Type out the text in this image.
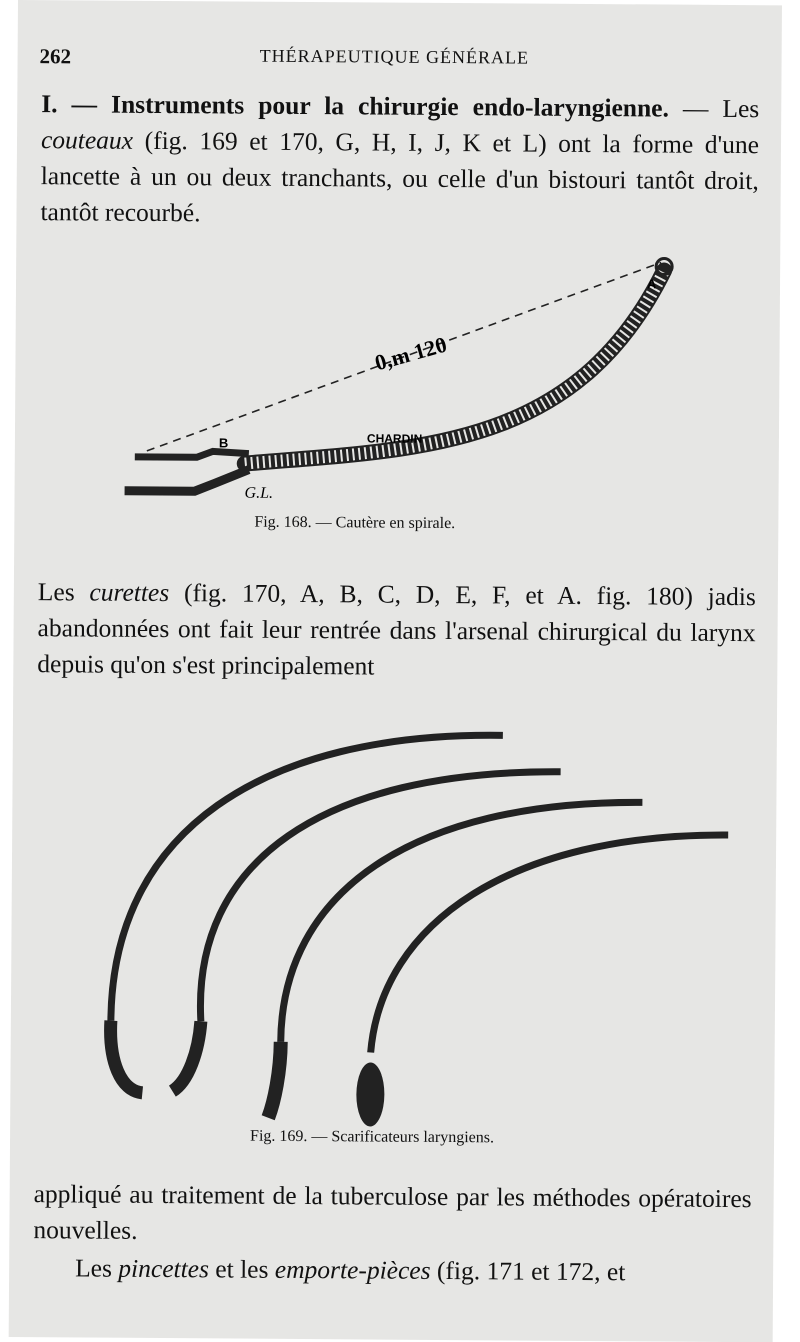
262	THÉRAPEUTIQUE GÉNÉRALE
I. — Instruments pour la chirurgie endo-laryngienne. — Les couteaux (fig. 169 et 170, G, H, I, J, K et L) ont la forme d'une lancette à un ou deux tranchants, ou celle d'un bistouri tantôt droit, tantôt recourbé.
A
B
0,m 120
CHARDIN
G.L.
Fig. 168. — Cautère en spirale.
Les curettes (fig. 170, A, B, C, D, E, F, et A. fig. 180) jadis abandonnées ont fait leur rentrée dans l'arsenal chirurgical du larynx depuis qu'on s'est principalement
Fig. 169. — Scarificateurs laryngiens.
appliqué au traitement de la tuberculose par les méthodes opératoires nouvelles.
Les pincettes et les emporte-pièces (fig. 171 et 172, et
